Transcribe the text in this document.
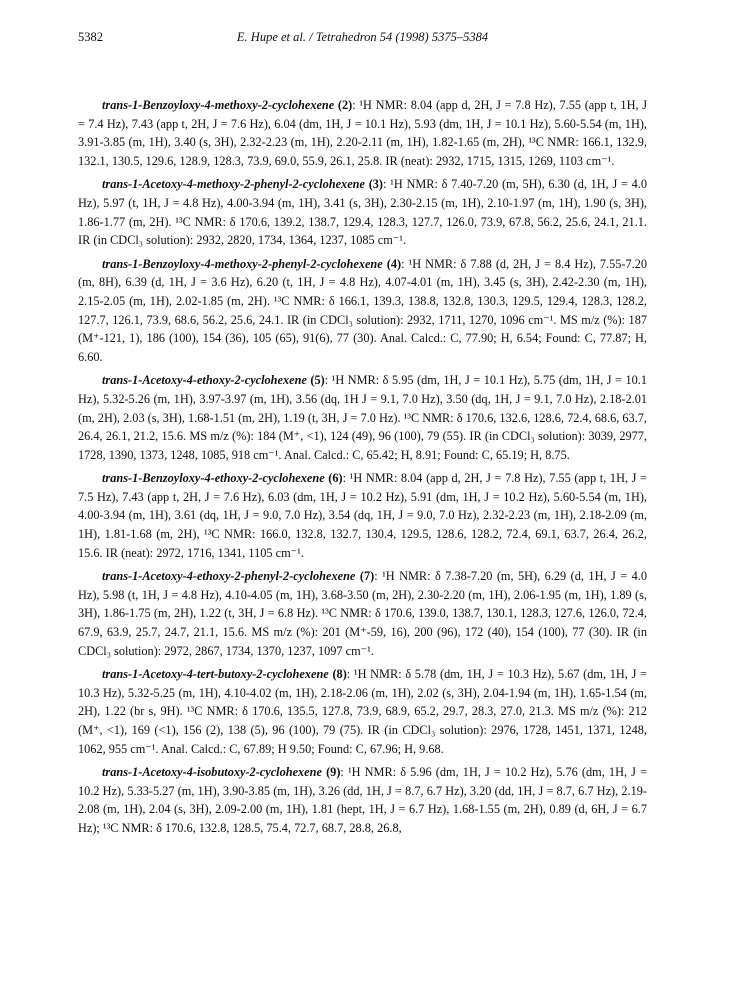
5382	E. Hupe et al. / Tetrahedron 54 (1998) 5375–5384

trans-1-Benzoyloxy-4-methoxy-2-cyclohexene (2): ¹H NMR: 8.04 (app d, 2H, J = 7.8 Hz), 7.55 (app t, 1H, J = 7.4 Hz), 7.43 (app t, 2H, J = 7.6 Hz), 6.04 (dm, 1H, J = 10.1 Hz), 5.93 (dm, 1H, J = 10.1 Hz), 5.60-5.54 (m, 1H), 3.91-3.85 (m, 1H), 3.40 (s, 3H), 2.32-2.23 (m, 1H), 2.20-2.11 (m, 1H), 1.82-1.65 (m, 2H), ¹³C NMR: 166.1, 132.9, 132.1, 130.5, 129.6, 128.9, 128.3, 73.9, 69.0, 55.9, 26.1, 25.8. IR (neat): 2932, 1715, 1315, 1269, 1103 cm⁻¹.

trans-1-Acetoxy-4-methoxy-2-phenyl-2-cyclohexene (3): ¹H NMR: δ 7.40-7.20 (m, 5H), 6.30 (d, 1H, J = 4.0 Hz), 5.97 (t, 1H, J = 4.8 Hz), 4.00-3.94 (m, 1H), 3.41 (s, 3H), 2.30-2.15 (m, 1H), 2.10-1.97 (m, 1H), 1.90 (s, 3H), 1.86-1.77 (m, 2H). ¹³C NMR: δ 170.6, 139.2, 138.7, 129.4, 128.3, 127.7, 126.0, 73.9, 67.8, 56.2, 25.6, 24.1, 21.1. IR (in CDCl₃ solution): 2932, 2820, 1734, 1364, 1237, 1085 cm⁻¹.

trans-1-Benzoyloxy-4-methoxy-2-phenyl-2-cyclohexene (4): ¹H NMR: δ 7.88 (d, 2H, J = 8.4 Hz), 7.55-7.20 (m, 8H), 6.39 (d, 1H, J = 3.6 Hz), 6.20 (t, 1H, J = 4.8 Hz), 4.07-4.01 (m, 1H), 3.45 (s, 3H), 2.42-2.30 (m, 1H), 2.15-2.05 (m, 1H), 2.02-1.85 (m, 2H). ¹³C NMR: δ 166.1, 139.3, 138.8, 132.8, 130.3, 129.5, 129.4, 128.3, 128.2, 127.7, 126.1, 73.9, 68.6, 56.2, 25.6, 24.1. IR (in CDCl₃ solution): 2932, 1711, 1270, 1096 cm⁻¹. MS m/z (%): 187 (M⁺-121, 1), 186 (100), 154 (36), 105 (65), 91(6), 77 (30). Anal. Calcd.: C, 77.90; H, 6.54; Found: C, 77.87; H, 6.60.

trans-1-Acetoxy-4-ethoxy-2-cyclohexene (5): ¹H NMR: δ 5.95 (dm, 1H, J = 10.1 Hz), 5.75 (dm, 1H, J = 10.1 Hz), 5.32-5.26 (m, 1H), 3.97-3.97 (m, 1H), 3.56 (dq, 1H J = 9.1, 7.0 Hz), 3.50 (dq, 1H, J = 9.1, 7.0 Hz), 2.18-2.01 (m, 2H), 2.03 (s, 3H), 1.68-1.51 (m, 2H), 1.19 (t, 3H, J = 7.0 Hz). ¹³C NMR: δ 170.6, 132.6, 128.6, 72.4, 68.6, 63.7, 26.4, 26.1, 21.2, 15.6. MS m/z (%): 184 (M⁺, <1), 124 (49), 96 (100), 79 (55). IR (in CDCl₃ solution): 3039, 2977, 1728, 1390, 1373, 1248, 1085, 918 cm⁻¹. Anal. Calcd.: C, 65.42; H, 8.91; Found: C, 65.19; H, 8.75.

trans-1-Benzoyloxy-4-ethoxy-2-cyclohexene (6): ¹H NMR: 8.04 (app d, 2H, J = 7.8 Hz), 7.55 (app t, 1H, J = 7.5 Hz), 7.43 (app t, 2H, J = 7.6 Hz), 6.03 (dm, 1H, J = 10.2 Hz), 5.91 (dm, 1H, J = 10.2 Hz), 5.60-5.54 (m, 1H), 4.00-3.94 (m, 1H), 3.61 (dq, 1H, J = 9.0, 7.0 Hz), 3.54 (dq, 1H, J = 9.0, 7.0 Hz), 2.32-2.23 (m, 1H), 2.18-2.09 (m, 1H), 1.81-1.68 (m, 2H), ¹³C NMR: 166.0, 132.8, 132.7, 130.4, 129.5, 128.6, 128.2, 72.4, 69.1, 63.7, 26.4, 26.2, 15.6. IR (neat): 2972, 1716, 1341, 1105 cm⁻¹.

trans-1-Acetoxy-4-ethoxy-2-phenyl-2-cyclohexene (7): ¹H NMR: δ 7.38-7.20 (m, 5H), 6.29 (d, 1H, J = 4.0 Hz), 5.98 (t, 1H, J = 4.8 Hz), 4.10-4.05 (m, 1H), 3.68-3.50 (m, 2H), 2.30-2.20 (m, 1H), 2.06-1.95 (m, 1H), 1.89 (s, 3H), 1.86-1.75 (m, 2H), 1.22 (t, 3H, J = 6.8 Hz). ¹³C NMR: δ 170.6, 139.0, 138.7, 130.1, 128.3, 127.6, 126.0, 72.4, 67.9, 63.9, 25.7, 24.7, 21.1, 15.6. MS m/z (%): 201 (M⁺-59, 16), 200 (96), 172 (40), 154 (100), 77 (30). IR (in CDCl₃ solution): 2972, 2867, 1734, 1370, 1237, 1097 cm⁻¹.

trans-1-Acetoxy-4-tert-butoxy-2-cyclohexene (8): ¹H NMR: δ 5.78 (dm, 1H, J = 10.3 Hz), 5.67 (dm, 1H, J = 10.3 Hz), 5.32-5.25 (m, 1H), 4.10-4.02 (m, 1H), 2.18-2.06 (m, 1H), 2.02 (s, 3H), 2.04-1.94 (m, 1H), 1.65-1.54 (m, 2H), 1.22 (br s, 9H). ¹³C NMR: δ 170.6, 135.5, 127.8, 73.9, 68.9, 65.2, 29.7, 28.3, 27.0, 21.3. MS m/z (%): 212 (M⁺, <1), 169 (<1), 156 (2), 138 (5), 96 (100), 79 (75). IR (in CDCl₃ solution): 2976, 1728, 1451, 1371, 1248, 1062, 955 cm⁻¹. Anal. Calcd.: C, 67.89; H 9.50; Found: C, 67.96; H, 9.68.

trans-1-Acetoxy-4-isobutoxy-2-cyclohexene (9): ¹H NMR: δ 5.96 (dm, 1H, J = 10.2 Hz), 5.76 (dm, 1H, J = 10.2 Hz), 5.33-5.27 (m, 1H), 3.90-3.85 (m, 1H), 3.26 (dd, 1H, J = 8.7, 6.7 Hz), 3.20 (dd, 1H, J = 8.7, 6.7 Hz), 2.19-2.08 (m, 1H), 2.04 (s, 3H), 2.09-2.00 (m, 1H), 1.81 (hept, 1H, J = 6.7 Hz), 1.68-1.55 (m, 2H), 0.89 (d, 6H, J = 6.7 Hz); ¹³C NMR: δ 170.6, 132.8, 128.5, 75.4, 72.7, 68.7, 28.8, 26.8,
